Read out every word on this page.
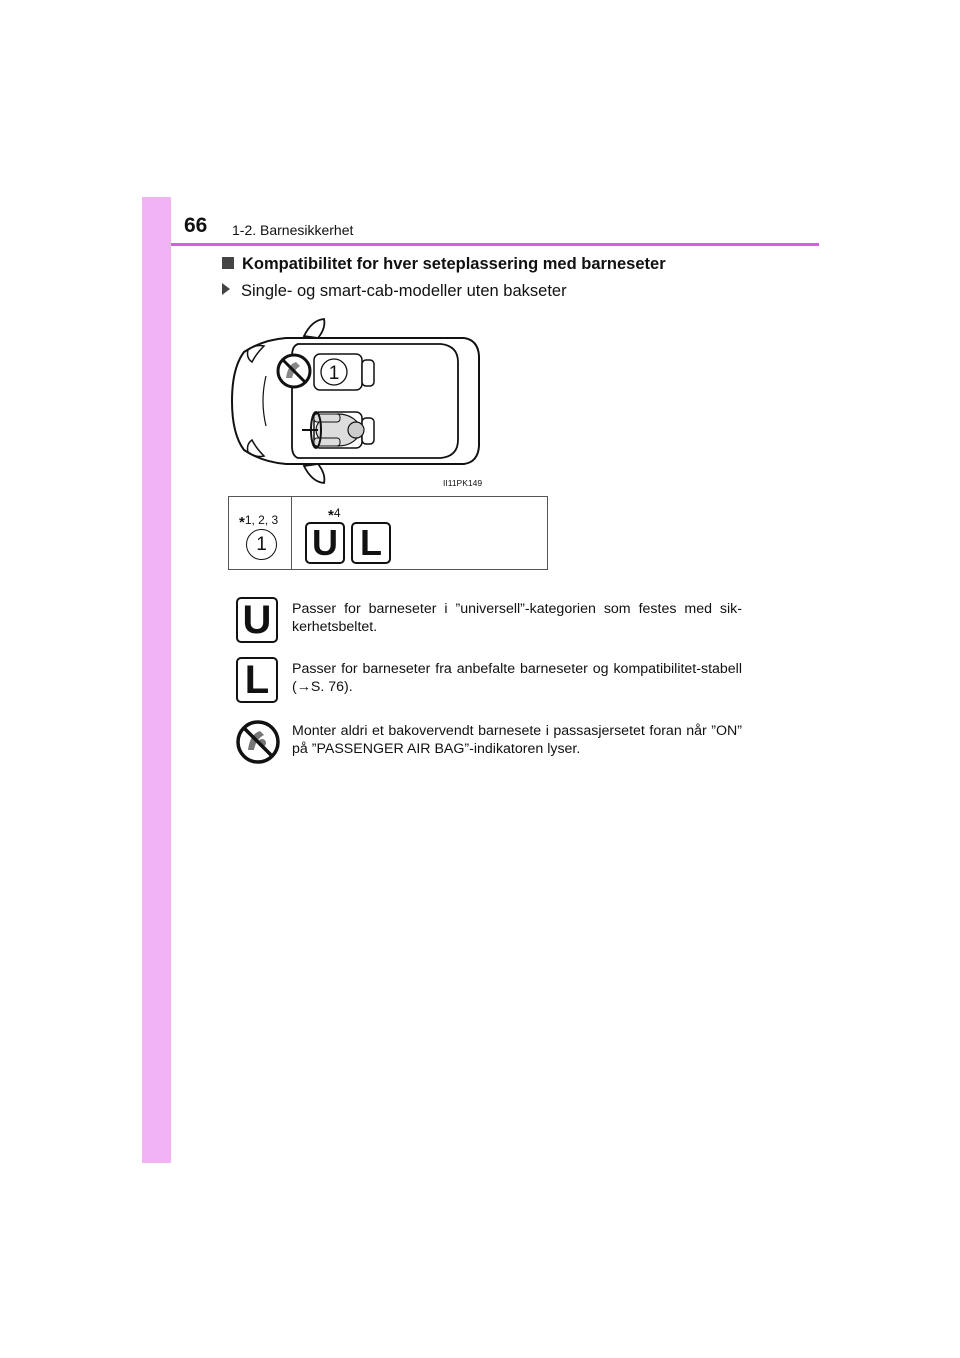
66 1-2. Barnesikkerhet
Kompatibilitet for hver seteplassering med barneseter
Single- og smart-cab-modeller uten bakseter
1
II11PK149
*1, 2, 3
1
*4
U L
U	Passer for barneseter i ”universell”-kategorien som festes med sik-kerhetsbeltet.
L	Passer for barneseter fra anbefalte barneseter og kompatibilitet-stabell (→S. 76).
Monter aldri et bakovervendt barnesete i passasjersetet foran når ”ON” på ”PASSENGER AIR BAG”-indikatoren lyser.
